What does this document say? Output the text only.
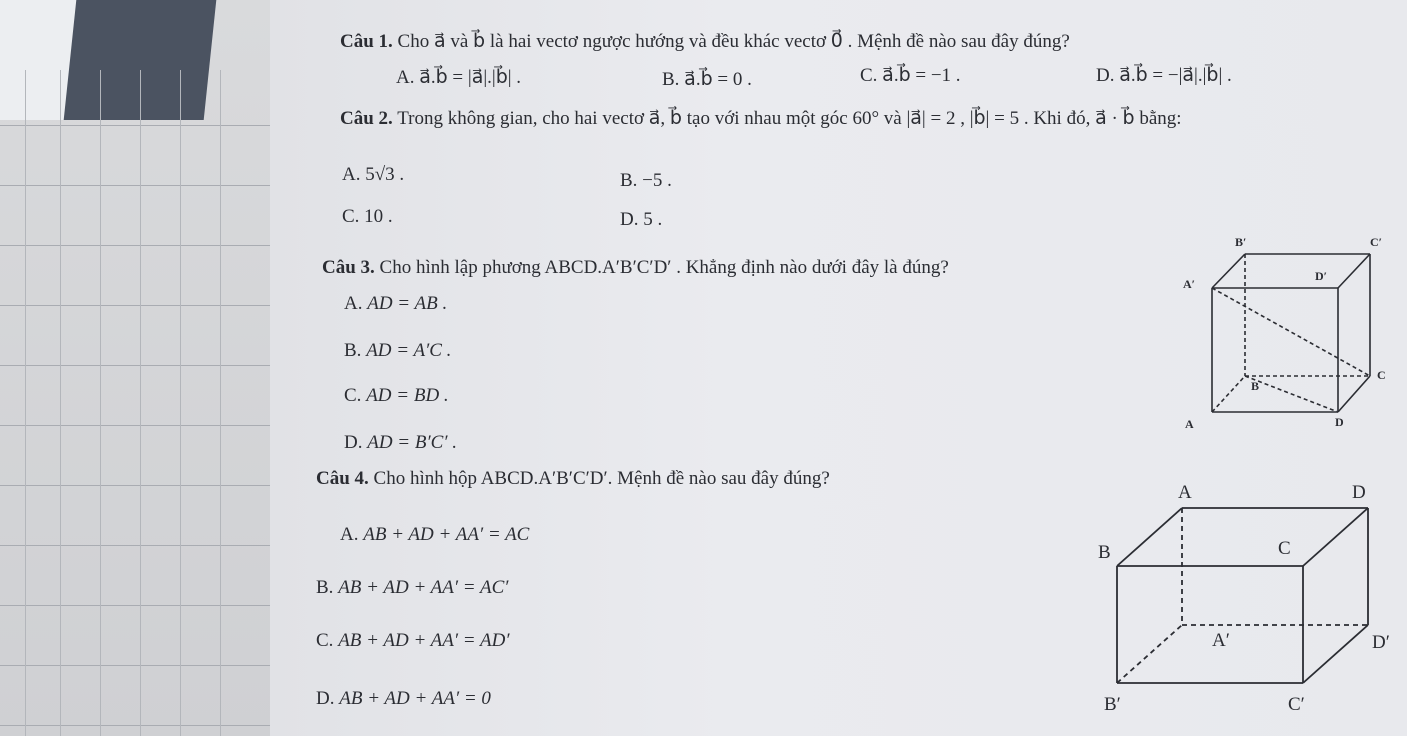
Câu 1. Cho a⃗ và b⃗ là hai vectơ ngược hướng và đều khác vectơ 0⃗ . Mệnh đề nào sau đây đúng?
A. a⃗.b⃗ = |a⃗|.|b⃗| .	B. a⃗.b⃗ = 0 .	C. a⃗.b⃗ = −1 .	D. a⃗.b⃗ = −|a⃗|.|b⃗| .
Câu 2. Trong không gian, cho hai vectơ a⃗, b⃗ tạo với nhau một góc 60° và |a⃗| = 2 , |b⃗| = 5 . Khi đó, a⃗ · b⃗ bằng:
A. 5√3 .	B. −5 .
C. 10 .	D. 5 .
Câu 3. Cho hình lập phương ABCD.A′B′C′D′ . Khẳng định nào dưới đây là đúng?
A. AD = AB .
B. AD = A′C .
C. AD = BD .
D. AD = B′C′ .
B′	C′
A′
D′
C
B
A	D
Câu 4. Cho hình hộp ABCD.A′B′C′D′. Mệnh đề nào sau đây đúng?
A. AB + AD + AA′ = AC
B. AB + AD + AA′ = AC′
C. AB + AD + AA′ = AD′
D. AB + AD + AA′ = 0⃗
A	D
B	C
A′	D′
B′	C′
